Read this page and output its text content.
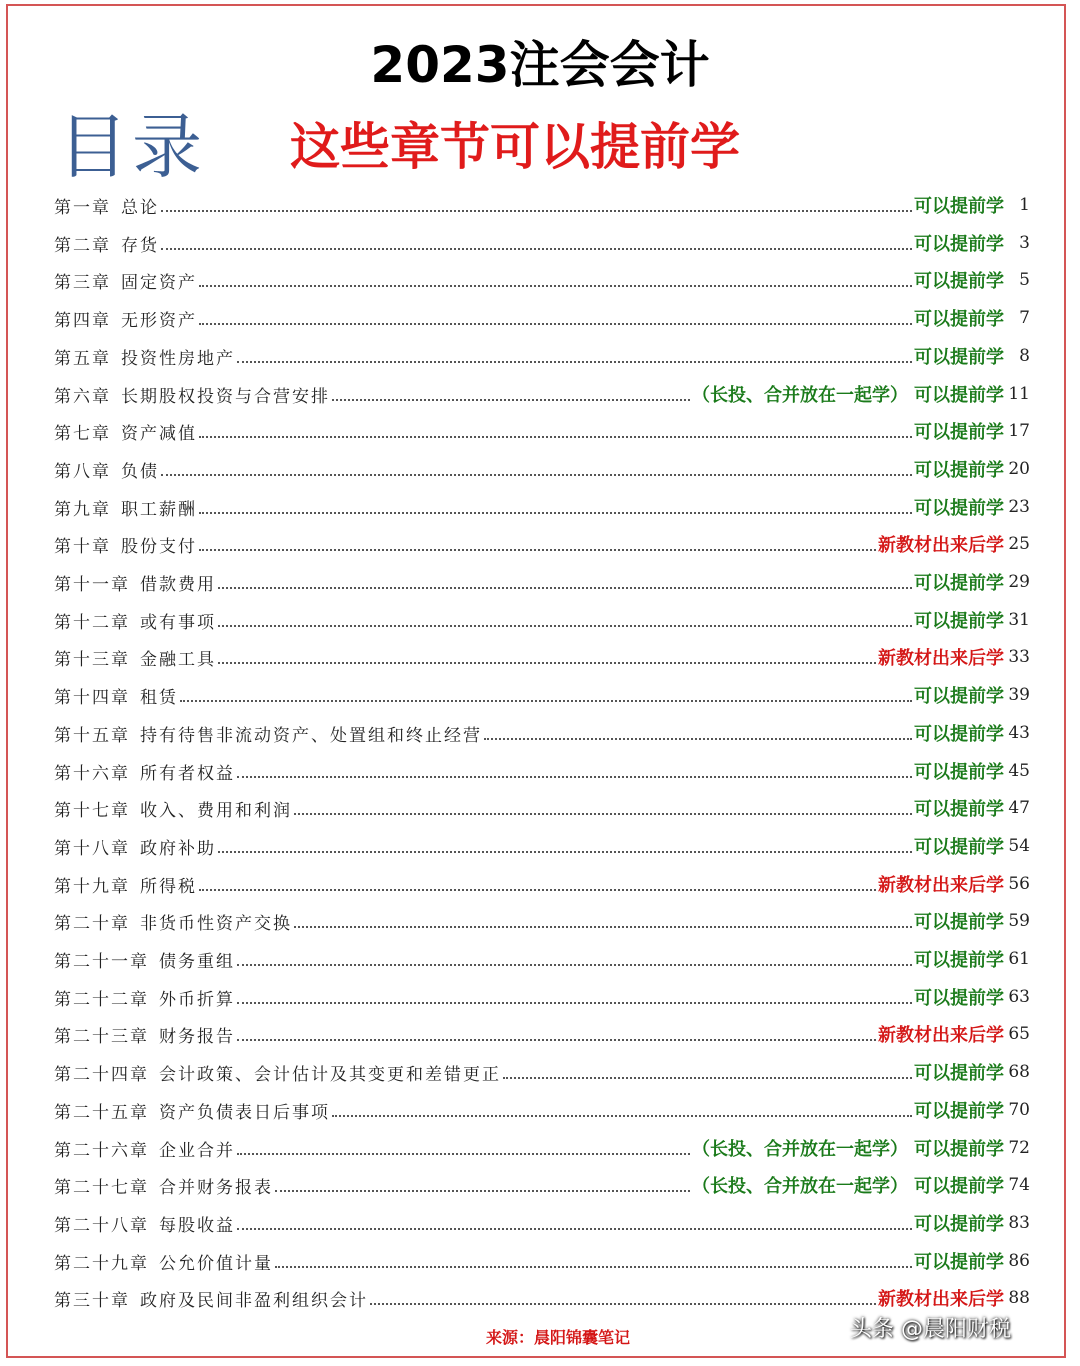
2023注会会计
目录 这些章节可以提前学
第一章 总论	可以提前学 1
第二章 存货	可以提前学 3
第三章 固定资产	可以提前学 5
第四章 无形资产	可以提前学 7
第五章 投资性房地产	可以提前学 8
第六章 长期股权投资与合营安排	（长投、合并放在一起学） 可以提前学 11
第七章 资产减值	可以提前学 17
第八章 负债	可以提前学 20
第九章 职工薪酬	可以提前学 23
第十章 股份支付	新教材出来后学 25
第十一章 借款费用	可以提前学 29
第十二章 或有事项	可以提前学 31
第十三章 金融工具	新教材出来后学 33
第十四章 租赁	可以提前学 39
第十五章 持有待售非流动资产、处置组和终止经营	可以提前学 43
第十六章 所有者权益	可以提前学 45
第十七章 收入、费用和利润	可以提前学 47
第十八章 政府补助	可以提前学 54
第十九章 所得税	新教材出来后学 56
第二十章 非货币性资产交换	可以提前学 59
第二十一章 债务重组	可以提前学 61
第二十二章 外币折算	可以提前学 63
第二十三章 财务报告	新教材出来后学 65
第二十四章 会计政策、会计估计及其变更和差错更正	可以提前学 68
第二十五章 资产负债表日后事项	可以提前学 70
第二十六章 企业合并	（长投、合并放在一起学） 可以提前学 72
第二十七章 合并财务报表	（长投、合并放在一起学） 可以提前学 74
第二十八章 每股收益	可以提前学 83
第二十九章 公允价值计量	可以提前学 86
第三十章 政府及民间非盈利组织会计	新教材出来后学 88
来源：晨阳锦囊笔记	头条 @晨阳财税
